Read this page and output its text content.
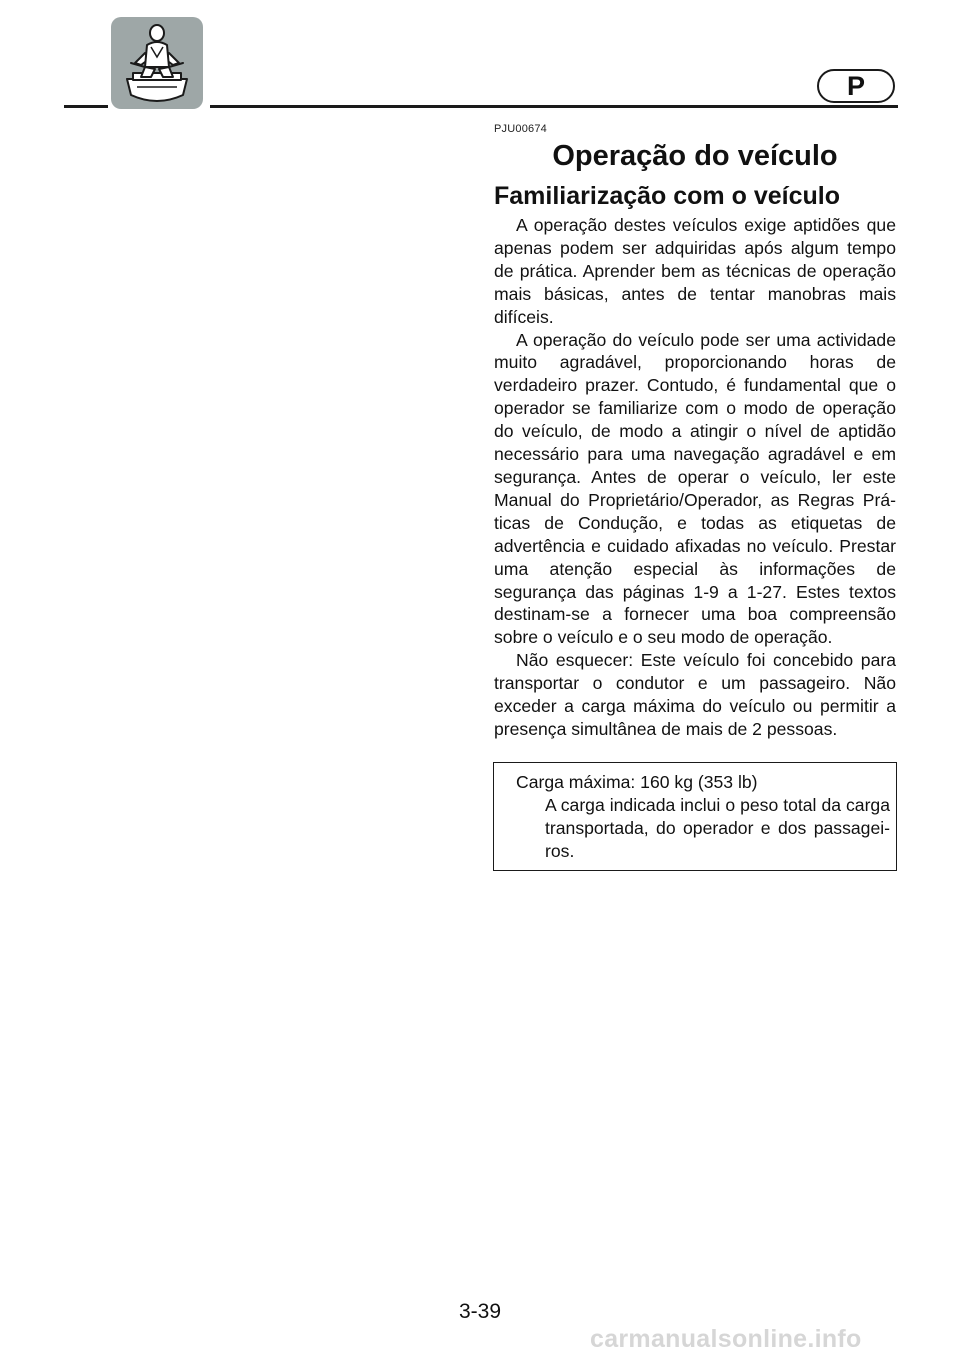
P
PJU00674
Operação do veículo
Familiarização com o veículo

A operação destes veículos exige aptidões que apenas podem ser adquiridas após algum tempo de prática. Aprender bem as técnicas de operação mais básicas, antes de tentar manobras mais difíceis.

A operação do veículo pode ser uma actividade muito agradável, proporcionando horas de verdadeiro prazer. Contudo, é fundamental que o operador se familiarize com o modo de operação do veículo, de modo a atingir o nível de aptidão necessário para uma navegação agradável e em segurança. Antes de operar o veículo, ler este Manual do Proprietário/Operador, as Regras Práticas de Condução, e todas as etiquetas de advertência e cuidado afixadas no veículo. Prestar uma atenção especial às informações de segurança das páginas 1-9 a 1-27. Estes textos destinam-se a fornecer uma boa compreensão sobre o veículo e o seu modo de operação.

Não esquecer: Este veículo foi concebido para transportar o condutor e um passageiro. Não exceder a carga máxima do veículo ou permitir a presença simultânea de mais de 2 pessoas.

Carga máxima: 160 kg (353 lb)

A carga indicada inclui o peso total da carga transportada, do operador e dos passageiros.

3-39
carmanualsonline.info
